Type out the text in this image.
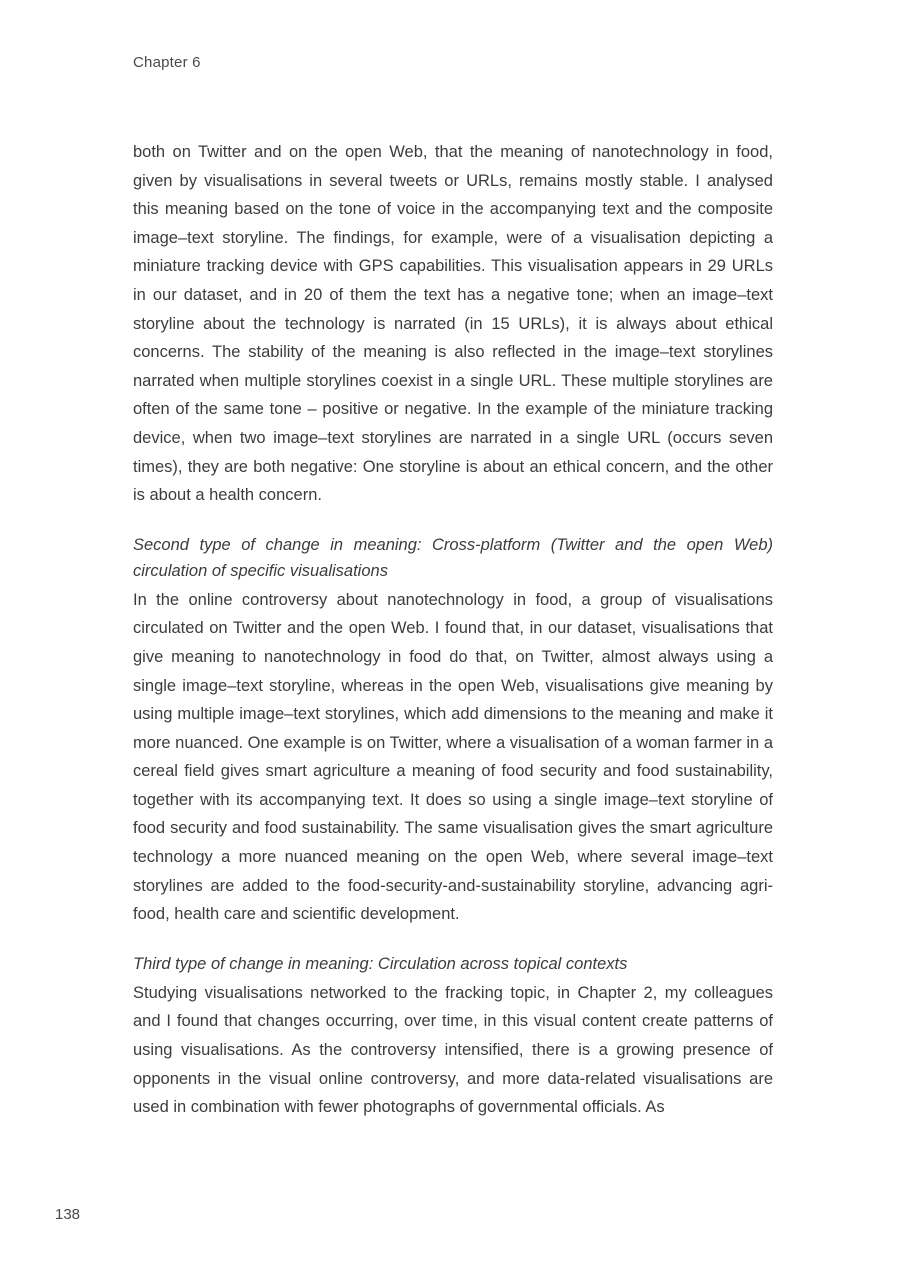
Chapter 6

both on Twitter and on the open Web, that the meaning of nanotechnology in food, given by visualisations in several tweets or URLs, remains mostly stable. I analysed this meaning based on the tone of voice in the accompanying text and the composite image–text storyline. The findings, for example, were of a visualisation depicting a miniature tracking device with GPS capabilities. This visualisation appears in 29 URLs in our dataset, and in 20 of them the text has a negative tone; when an image–text storyline about the technology is narrated (in 15 URLs), it is always about ethical concerns. The stability of the meaning is also reflected in the image–text storylines narrated when multiple storylines coexist in a single URL. These multiple storylines are often of the same tone – positive or negative. In the example of the miniature tracking device, when two image–text storylines are narrated in a single URL (occurs seven times), they are both negative: One storyline is about an ethical concern, and the other is about a health concern.

Second type of change in meaning: Cross-platform (Twitter and the open Web) circulation of specific visualisations

In the online controversy about nanotechnology in food, a group of visualisations circulated on Twitter and the open Web. I found that, in our dataset, visualisations that give meaning to nanotechnology in food do that, on Twitter, almost always using a single image–text storyline, whereas in the open Web, visualisations give meaning by using multiple image–text storylines, which add dimensions to the meaning and make it more nuanced. One example is on Twitter, where a visualisation of a woman farmer in a cereal field gives smart agriculture a meaning of food security and food sustainability, together with its accompanying text. It does so using a single image–text storyline of food security and food sustainability. The same visualisation gives the smart agriculture technology a more nuanced meaning on the open Web, where several image–text storylines are added to the food-security-and-sustainability storyline, advancing agri-food, health care and scientific development.

Third type of change in meaning: Circulation across topical contexts

Studying visualisations networked to the fracking topic, in Chapter 2, my colleagues and I found that changes occurring, over time, in this visual content create patterns of using visualisations. As the controversy intensified, there is a growing presence of opponents in the visual online controversy, and more data-related visualisations are used in combination with fewer photographs of governmental officials. As

138
